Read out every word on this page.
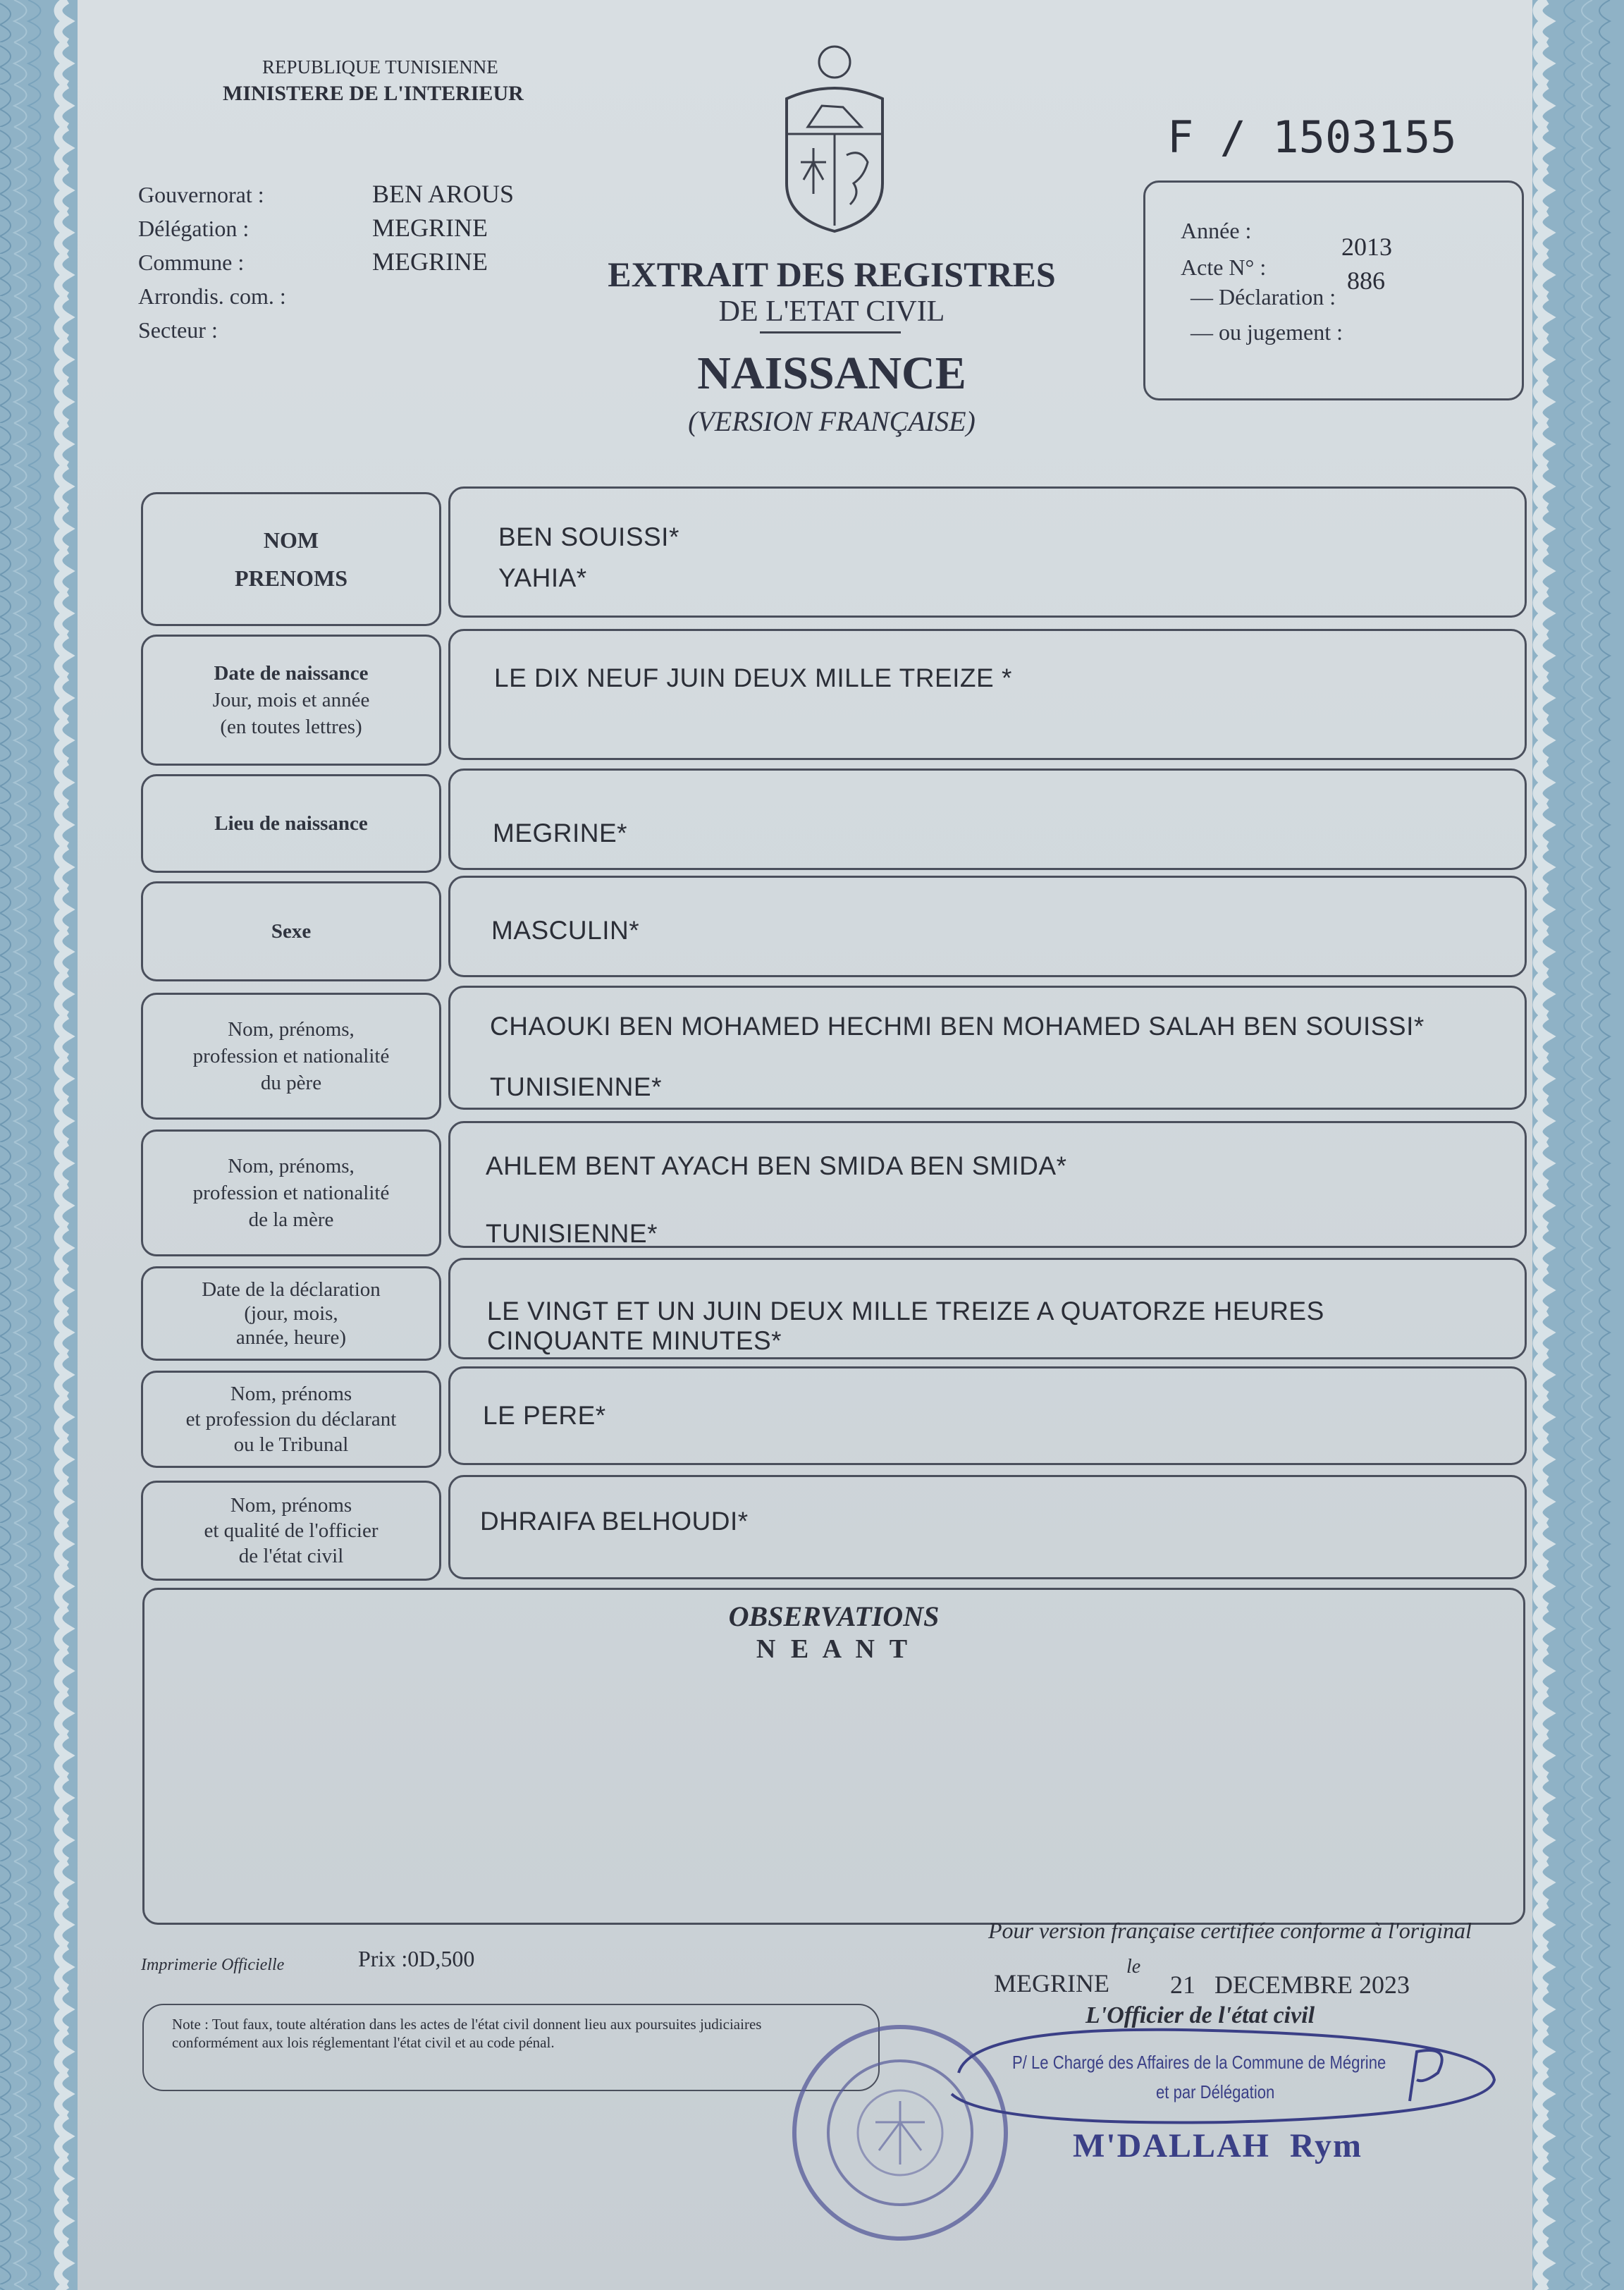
REPUBLIQUE TUNISIENNE
MINISTERE DE L'INTERIEUR
Gouvernorat :	BEN AROUS
Délégation :	MEGRINE
Commune :	MEGRINE
Arrondis. com. :
Secteur :
EXTRAIT DES REGISTRES
DE L'ETAT CIVIL
NAISSANCE
(VERSION FRANÇAISE)
F / 1503155
Année :
2013
Acte N° :	886
— Déclaration :
— ou jugement :
NOM
PRENOMS
BEN SOUISSI*
YAHIA*
Date de naissance
Jour, mois et année
(en toutes lettres)
LE DIX NEUF JUIN DEUX MILLE TREIZE *
Lieu de naissance	MEGRINE*
Sexe	MASCULIN*
Nom, prénoms,
profession et nationalité
du père
CHAOUKI BEN MOHAMED HECHMI BEN MOHAMED SALAH BEN SOUISSI*
TUNISIENNE*
Nom, prénoms,
profession et nationalité
de la mère
AHLEM BENT AYACH BEN SMIDA BEN SMIDA*
TUNISIENNE*
Date de la déclaration
(jour, mois,
année, heure)
LE VINGT ET UN JUIN DEUX MILLE TREIZE A QUATORZE HEURES
CINQUANTE MINUTES*
Nom, prénoms
et profession du déclarant
ou le Tribunal
LE PERE*
Nom, prénoms
et qualité de l'officier
de l'état civil
DHRAIFA BELHOUDI*
OBSERVATIONS
N E A N T
Imprimerie Officielle	Prix :0D,500
Note : Tout faux, toute altération dans les actes de l'état civil donnent lieu aux poursuites judiciaires conformément aux lois réglementant l'état civil et au code pénal.
Pour version française certifiée conforme à l'original
MEGRINE
le
21   DECEMBRE 2023
L'Officier de l'état civil
P/ Le Chargé des Affaires de la Commune de Mégrine
et par Délégation
M'DALLAH  Rym
